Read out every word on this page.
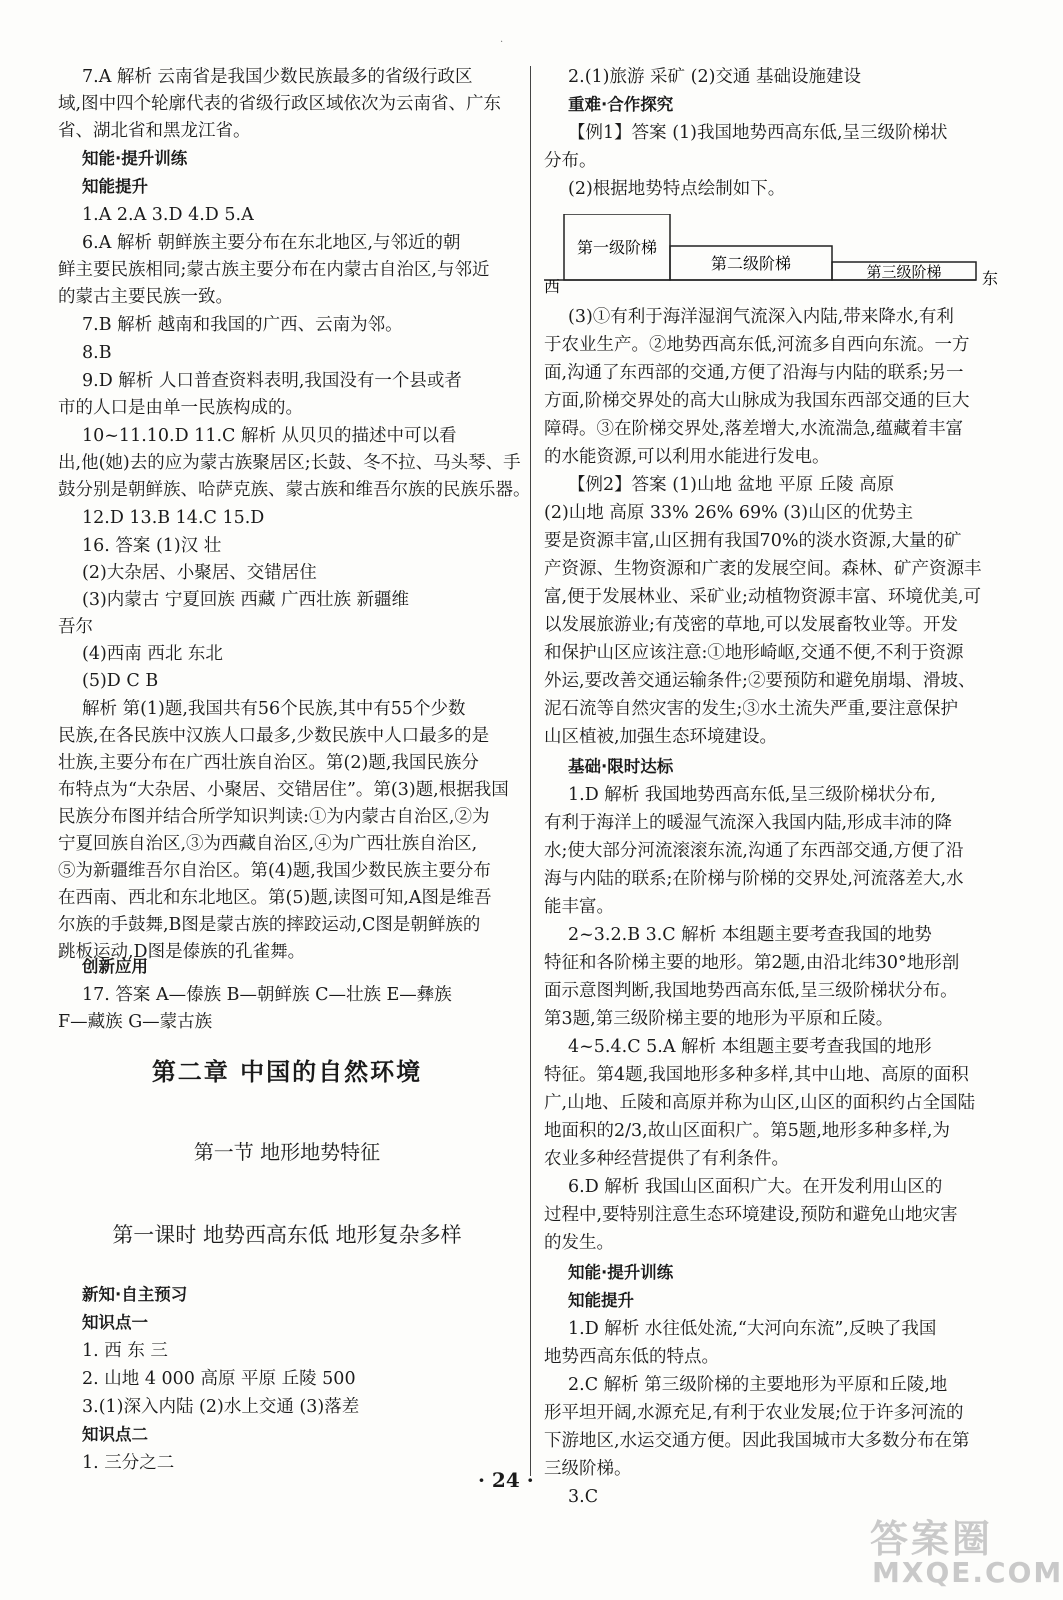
.
7.A 解析 云南省是我国少数民族最多的省级行政区
域,图中四个轮廓代表的省级行政区域依次为云南省、广东
省、湖北省和黑龙江省。
知能·提升训练
知能提升
1.A 2.A 3.D 4.D 5.A
6.A 解析 朝鲜族主要分布在东北地区,与邻近的朝
鲜主要民族相同;蒙古族主要分布在内蒙古自治区,与邻近
的蒙古主要民族一致。
7.B 解析 越南和我国的广西、云南为邻。
8.B
9.D 解析 人口普查资料表明,我国没有一个县或者
市的人口是由单一民族构成的。
10~11.10.D 11.C 解析 从贝贝的描述中可以看
出,他(她)去的应为蒙古族聚居区;长鼓、冬不拉、马头琴、手
鼓分别是朝鲜族、哈萨克族、蒙古族和维吾尔族的民族乐器。
12.D 13.B 14.C 15.D
16. 答案 (1)汉 壮
(2)大杂居、小聚居、交错居住
(3)内蒙古 宁夏回族 西藏 广西壮族 新疆维
吾尔
(4)西南 西北 东北
(5)D C B
解析 第(1)题,我国共有56个民族,其中有55个少数
民族,在各民族中汉族人口最多,少数民族中人口最多的是
壮族,主要分布在广西壮族自治区。第(2)题,我国民族分
布特点为“大杂居、小聚居、交错居住”。第(3)题,根据我国
民族分布图并结合所学知识判读:①为内蒙古自治区,②为
宁夏回族自治区,③为西藏自治区,④为广西壮族自治区,
⑤为新疆维吾尔自治区。第(4)题,我国少数民族主要分布
在西南、西北和东北地区。第(5)题,读图可知,A图是维吾
尔族的手鼓舞,B图是蒙古族的摔跤运动,C图是朝鲜族的
跳板运动,D图是傣族的孔雀舞。
创新应用
17. 答案 A—傣族 B—朝鲜族 C—壮族 E—彝族
F—藏族 G—蒙古族
第二章 中国的自然环境
第一节 地形地势特征
第一课时 地势西高东低 地形复杂多样
新知·自主预习
知识点一
1. 西 东 三
2. 山地 4 000 高原 平原 丘陵 500
3.(1)深入内陆 (2)水上交通 (3)落差
知识点二
1. 三分之二
2.(1)旅游 采矿 (2)交通 基础设施建设
重难·合作探究
【例1】答案 (1)我国地势西高东低,呈三级阶梯状
分布。
(2)根据地势特点绘制如下。
第一级阶梯
第二级阶梯	第三级阶梯
西	东
(3)①有利于海洋湿润气流深入内陆,带来降水,有利
于农业生产。②地势西高东低,河流多自西向东流。一方
面,沟通了东西部的交通,方便了沿海与内陆的联系;另一
方面,阶梯交界处的高大山脉成为我国东西部交通的巨大
障碍。③在阶梯交界处,落差增大,水流湍急,蕴藏着丰富
的水能资源,可以利用水能进行发电。
【例2】答案 (1)山地 盆地 平原 丘陵 高原
(2)山地 高原 33% 26% 69% (3)山区的优势主
要是资源丰富,山区拥有我国70%的淡水资源,大量的矿
产资源、生物资源和广袤的发展空间。森林、矿产资源丰
富,便于发展林业、采矿业;动植物资源丰富、环境优美,可
以发展旅游业;有茂密的草地,可以发展畜牧业等。开发
和保护山区应该注意:①地形崎岖,交通不便,不利于资源
外运,要改善交通运输条件;②要预防和避免崩塌、滑坡、
泥石流等自然灾害的发生;③水土流失严重,要注意保护
山区植被,加强生态环境建设。
基础·限时达标
1.D 解析 我国地势西高东低,呈三级阶梯状分布,
有利于海洋上的暖湿气流深入我国内陆,形成丰沛的降
水;使大部分河流滚滚东流,沟通了东西部交通,方便了沿
海与内陆的联系;在阶梯与阶梯的交界处,河流落差大,水
能丰富。
2~3.2.B 3.C 解析 本组题主要考查我国的地势
特征和各阶梯主要的地形。第2题,由沿北纬30°地形剖
面示意图判断,我国地势西高东低,呈三级阶梯状分布。
第3题,第三级阶梯主要的地形为平原和丘陵。
4~5.4.C 5.A 解析 本组题主要考查我国的地形
特征。第4题,我国地形多种多样,其中山地、高原的面积
广,山地、丘陵和高原并称为山区,山区的面积约占全国陆
地面积的2/3,故山区面积广。第5题,地形多种多样,为
农业多种经营提供了有利条件。
6.D 解析 我国山区面积广大。在开发利用山区的
过程中,要特别注意生态环境建设,预防和避免山地灾害
的发生。
知能·提升训练
知能提升
1.D 解析 水往低处流,“大河向东流”,反映了我国
地势西高东低的特点。
2.C 解析 第三级阶梯的主要地形为平原和丘陵,地
形平坦开阔,水源充足,有利于农业发展;位于许多河流的
下游地区,水运交通方便。因此我国城市大多数分布在第
三级阶梯。
3.C
· 24 ·
答案圈
MXQE.COM
